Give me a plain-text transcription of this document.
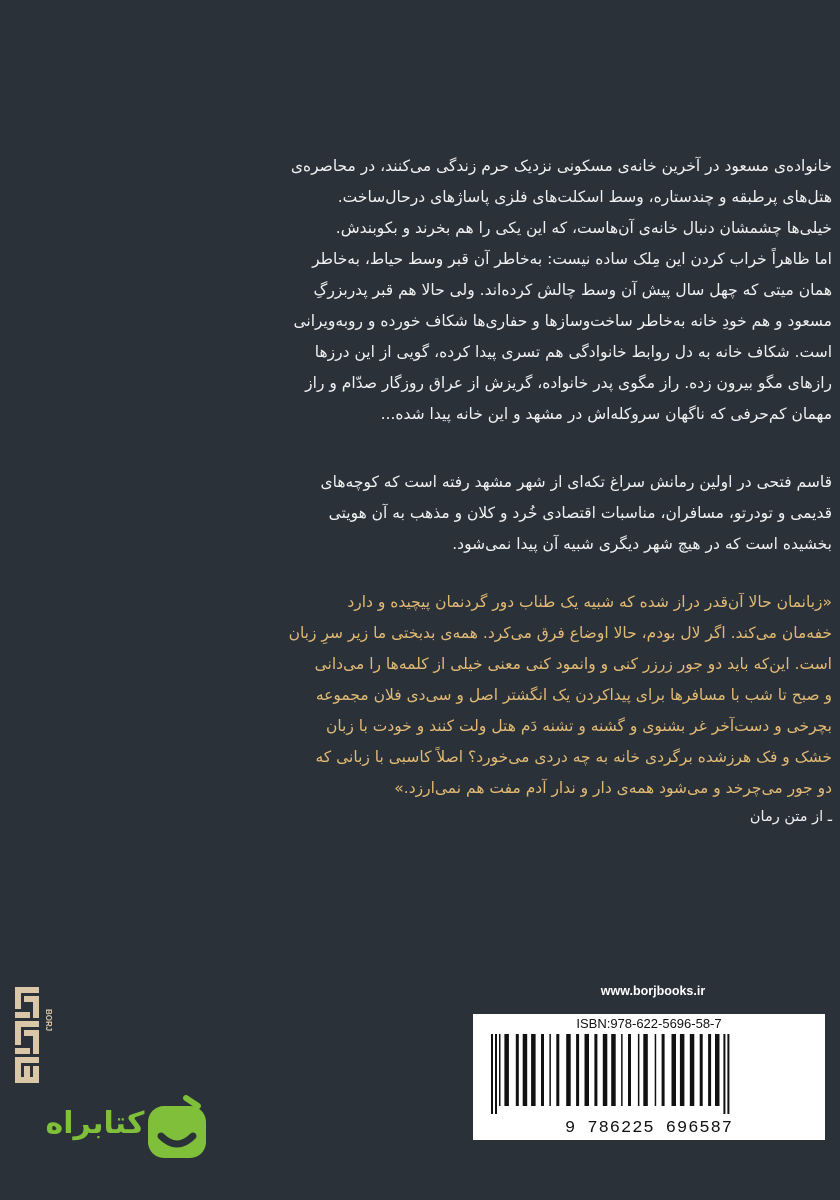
خانواده‌ی مسعود در آخرین خانه‌ی مسکونی نزدیک حرم زندگی می‌کنند، در محاصره‌ی
هتل‌های پرطبقه و چندستاره، وسط اسکلت‌های فلزی پاساژهای درحال‌ساخت.
خیلی‌ها چشمشان دنبال خانه‌ی آن‌هاست، که این یکی را هم بخرند و بکوبندش.
اما ظاهراً خراب کردن این مِلک ساده نیست: به‌خاطر آن قبر وسط حیاط، به‌خاطر
همان میتی که چهل سال پیش آن وسط چالش کرده‌اند. ولی حالا هم قبر پدربزرگِ
مسعود و هم خودِ خانه به‌خاطر ساخت‌وسازها و حفاری‌ها شکاف خورده و روبه‌ویرانی
است. شکاف خانه به دل روابط خانوادگی هم تسری پیدا کرده، گویی از این درزها
رازهای مگو بیرون زده. راز مگوی پدر خانواده، گریزش از عراق روزگار صدّام و راز
مهمان کم‌حرفی که ناگهان سروکله‌اش در مشهد و این خانه پیدا شده...
قاسم فتحی در اولین رمانش سراغ تکه‌ای از شهر مشهد رفته است که کوچه‌های
قدیمی و تودرتو، مسافران، مناسبات اقتصادی خُرد و کلان و مذهب به آن هویتی
بخشیده است که در هیچ شهر دیگری شبیه آن پیدا نمی‌شود.
«زبانمان حالا آن‌قدر دراز شده که شبیه یک طناب دور گردنمان پیچیده و دارد
خفه‌مان می‌کند. اگر لال بودم، حالا اوضاع فرق می‌کرد. همه‌ی بدبختی ما زیر سرِ زبان
است. این‌که باید دو جور زرزر کنی و وانمود کنی معنی خیلی از کلمه‌ها را می‌دانی
و صبح تا شب با مسافرها برای پیداکردن یک انگشتر اصل و سی‌دی فلان مجموعه
بچرخی و دست‌آخر غر بشنوی و گشنه و تشنه دَم هتل ولت کنند و خودت با زبان
خشک و فک هرزشده برگردی خانه به چه دردی می‌خورد؟ اصلاً کاسبی با زبانی که
دو جور می‌چرخد و می‌شود همه‌ی دار و ندار آدم مفت هم نمی‌ارزد.»
ـ از متن رمان
www.borjbooks.ir
ISBN:978-622-5696-58-7
9 786225 696587
BORJ
کتابراه
